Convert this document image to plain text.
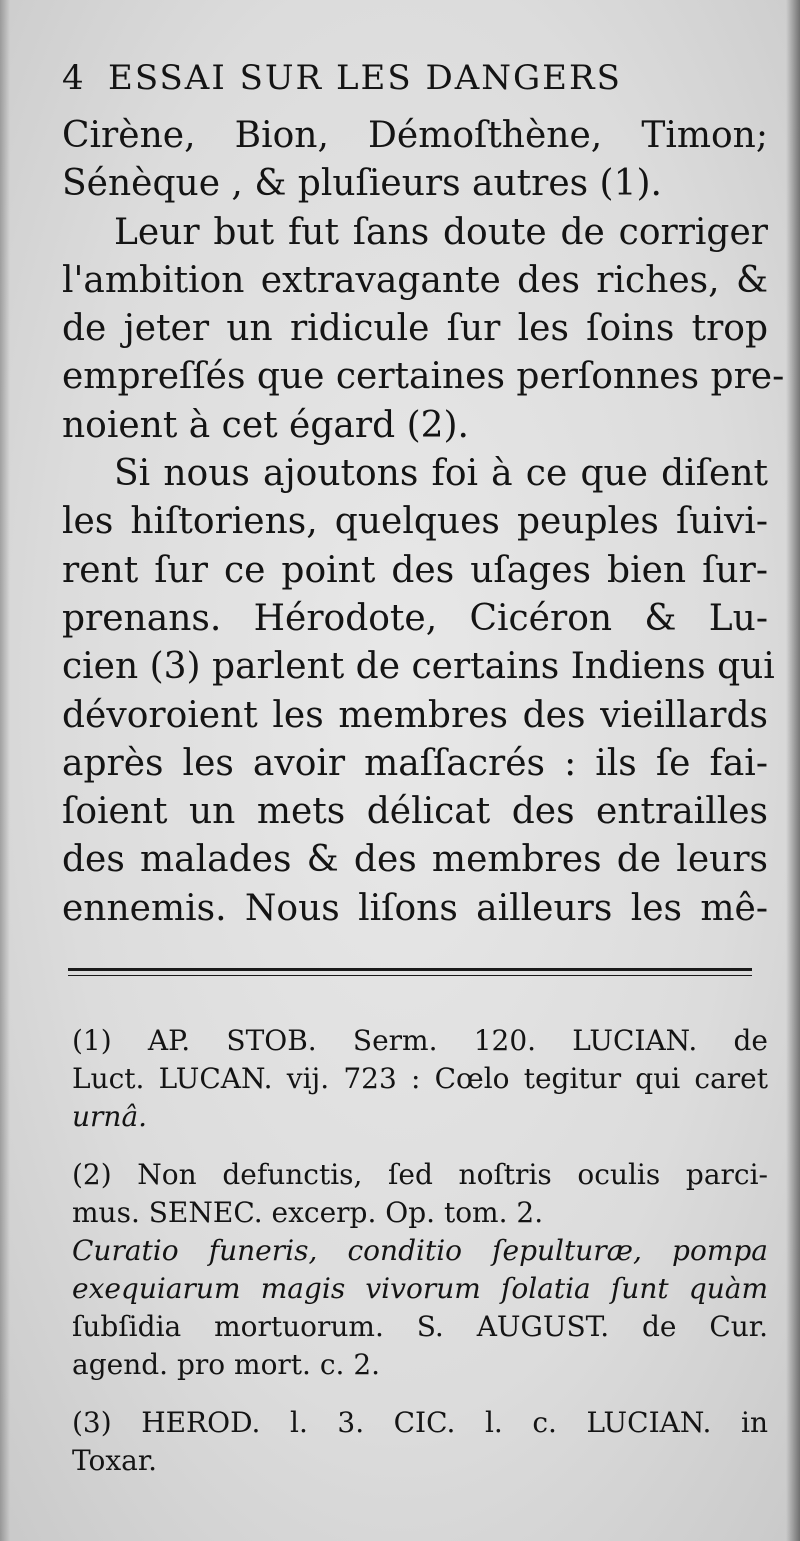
4 ESSAI SUR LES DANGERS
Cirène, Bion, Démoſthène, Timon;
Sénèque , & pluſieurs autres (1).
Leur but fut ſans doute de corriger
l'ambition extravagante des riches, &
de jeter un ridicule ſur les ſoins trop
empreſſés que certaines perſonnes pre-
noient à cet égard (2).
Si nous ajoutons foi à ce que diſent
les hiſtoriens, quelques peuples ſuivi-
rent ſur ce point des uſages bien ſur-
prenans. Hérodote, Cicéron & Lu-
cien (3) parlent de certains Indiens qui
dévoroient les membres des vieillards
après les avoir maſſacrés : ils ſe fai-
ſoient un mets délicat des entrailles
des malades & des membres de leurs
ennemis. Nous liſons ailleurs les mê-
(1) AP. STOB. Serm. 120. LUCIAN. de
Luct. LUCAN. vij. 723 : Cœlo tegitur qui caret
urnâ.
(2) Non defunctis, ſed noſtris oculis parci-
mus. SENEC. excerp. Op. tom. 2.
Curatio funeris, conditio ſepulturæ, pompa
exequiarum magis vivorum ſolatia ſunt quàm
ſubſidia mortuorum. S. AUGUST. de Cur.
agend. pro mort. c. 2.
(3) HEROD. l. 3. CIC. l. c. LUCIAN. in
Toxar.
